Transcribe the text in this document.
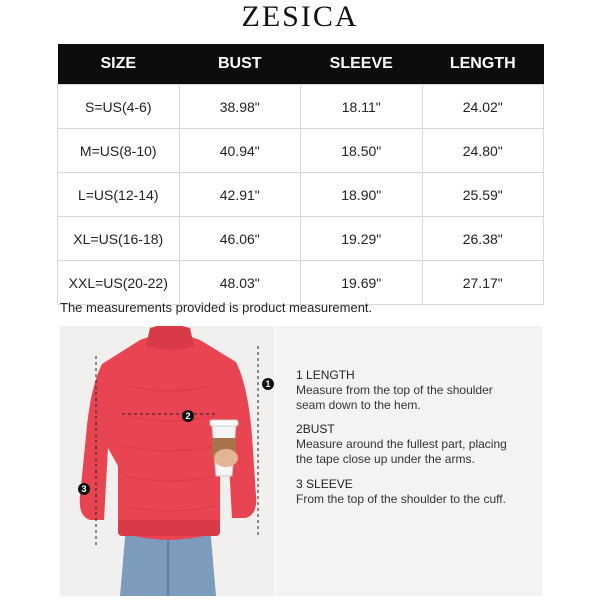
ZESICA
SIZE	BUST	SLEEVE	LENGTH
S=US(4-6)	38.98"	18.11"	24.02"
M=US(8-10)	40.94"	18.50"	24.80"
L=US(12-14)	42.91"	18.90"	25.59"
XL=US(16-18)	46.06"	19.29"	26.38"
XXL=US(20-22)	48.03"	19.69"	27.17"
The measurements provided is product measurement.
1
2
3
1 LENGTH
Measure from the top of the shoulder
seam down to the hem.
2BUST
Measure around the fullest part, placing
the tape close up under the arms.
3 SLEEVE
From the top of the shoulder to the cuff.
